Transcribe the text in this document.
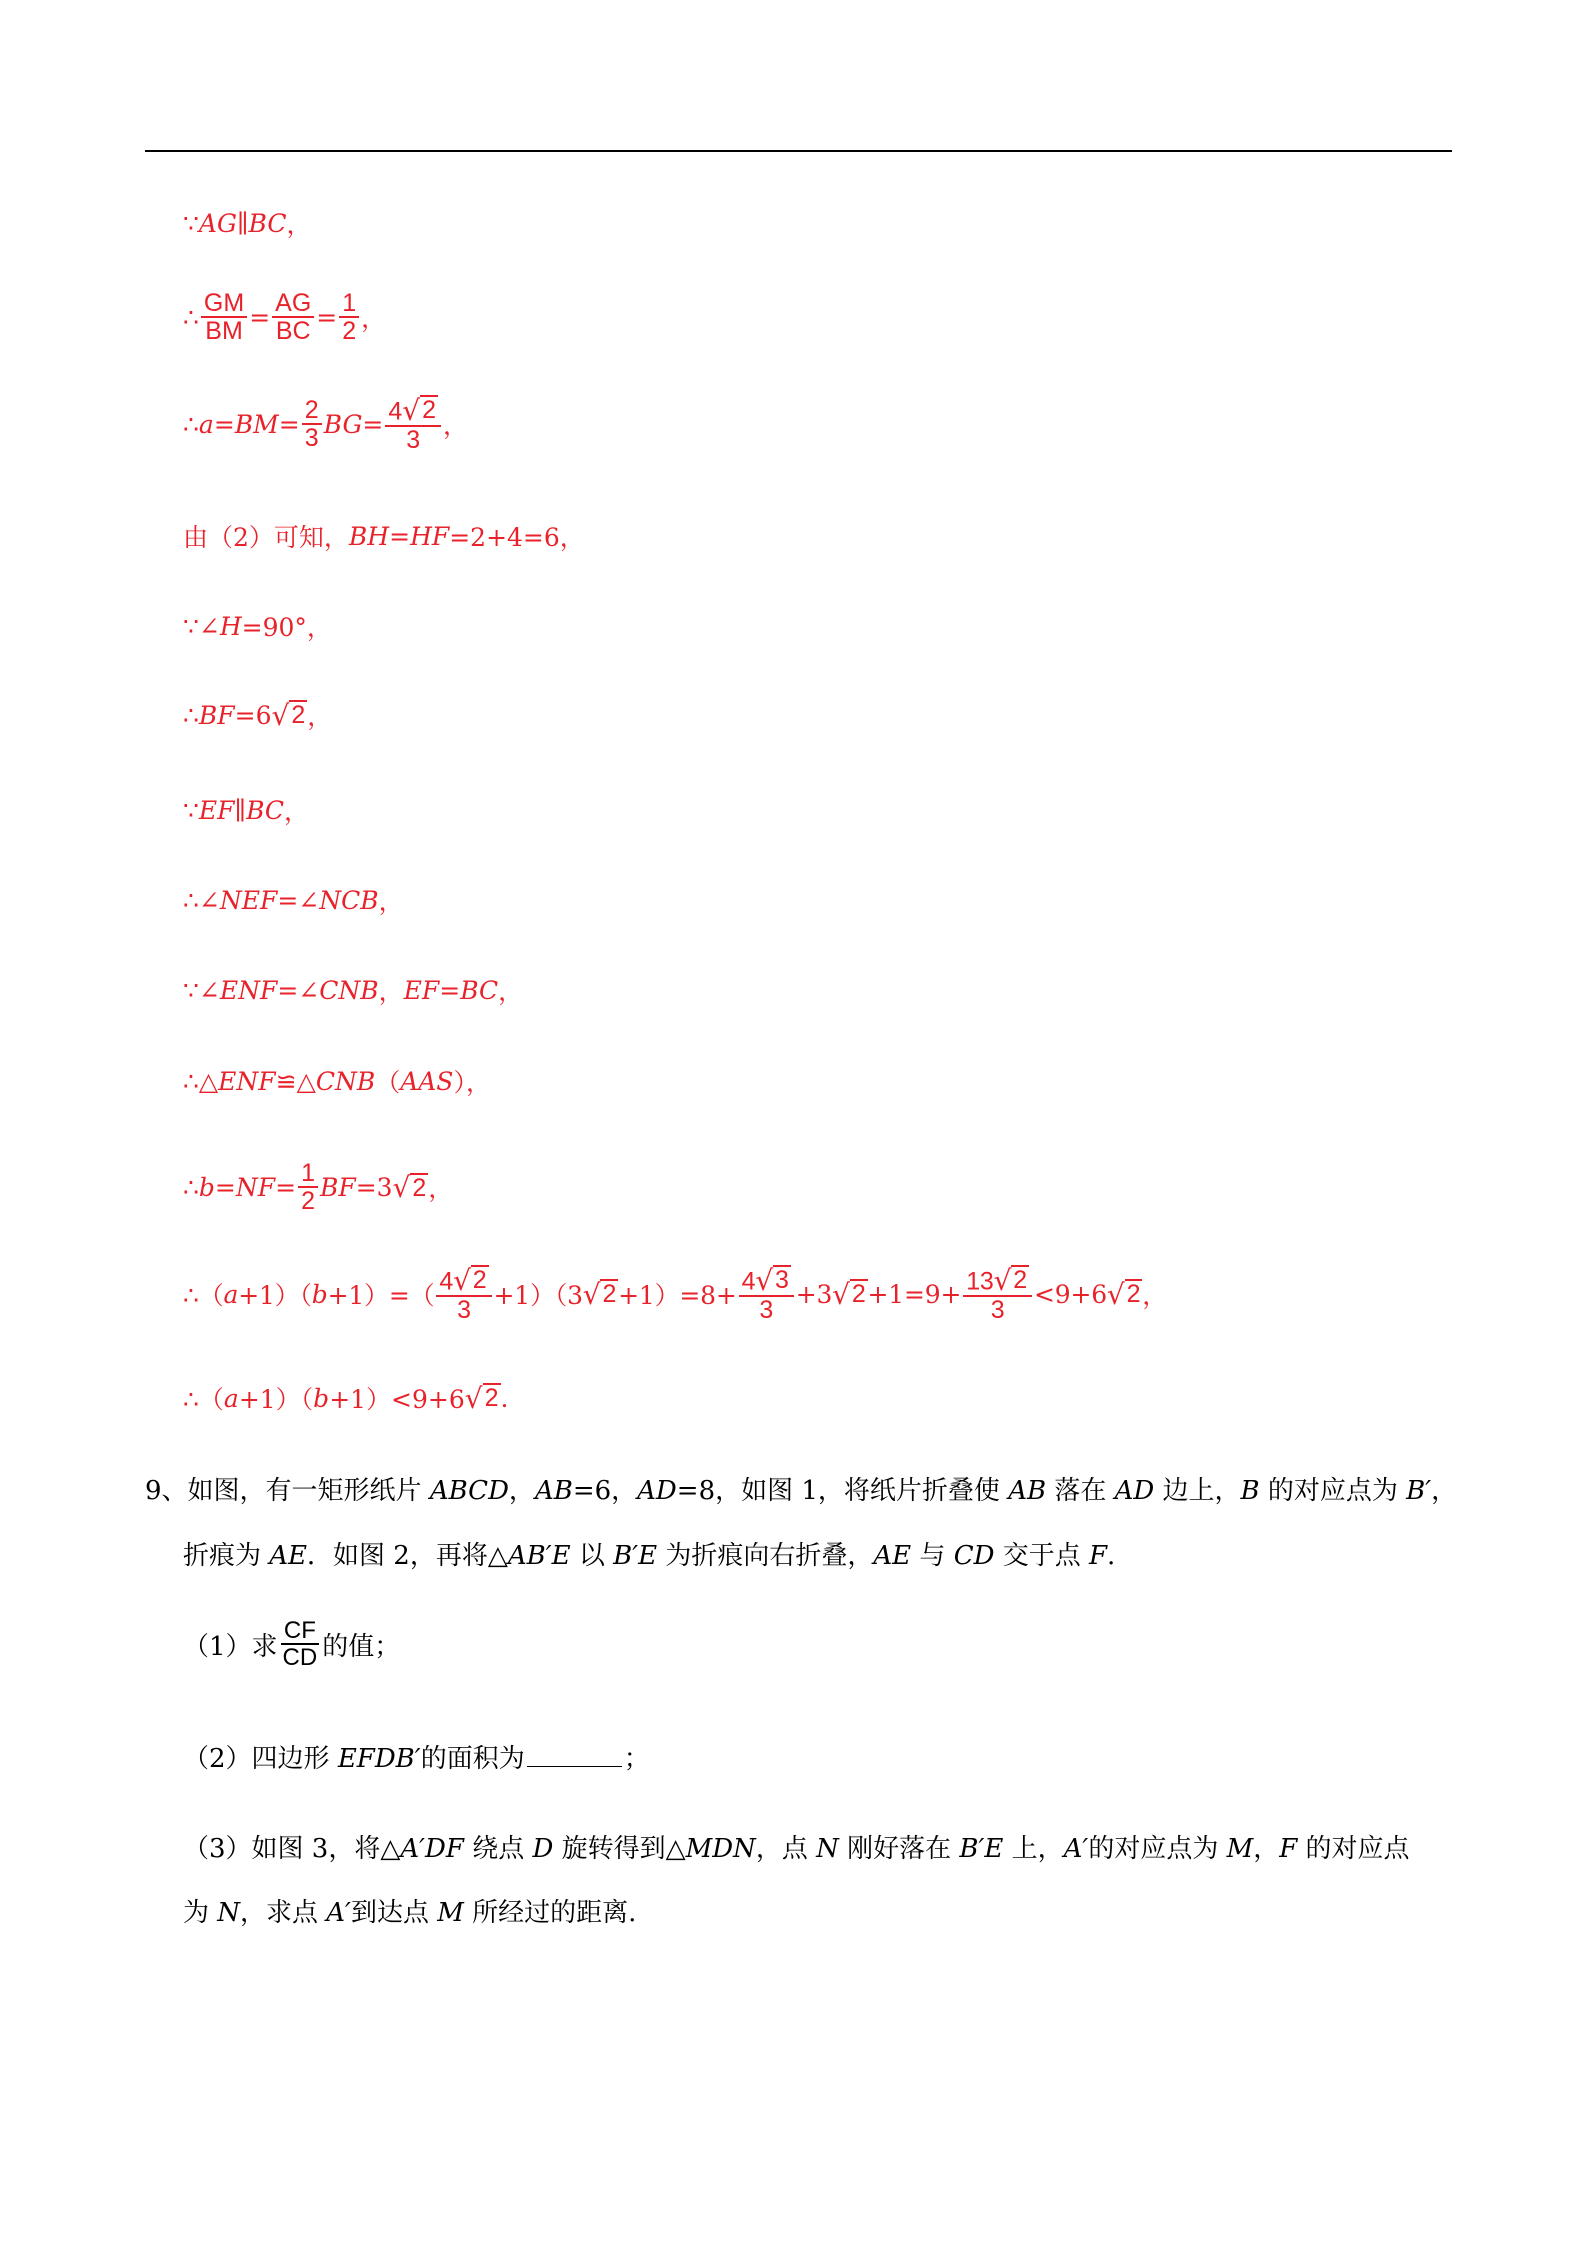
∵ AG ∥ BC ，
∴ $\frac{GM}{BM} = \frac{AG}{BC} = \frac{1}{2}$ ，
∴ a = BM = $\frac{2}{3}$ BG = $\frac{4 √ 2}{3}$ ，
由（2）可知， BH = HF =2+4=6，
∵ ∠ H =90°，
∴ BF =6 √ 2 ，
∵ EF ∥ BC ，
∴ ∠ NEF =∠ NCB ，
∵ ∠ ENF =∠ CNB ， EF = BC ，
∴△ ENF ≌△ CNB （ AAS ），
∴ b = NF = $\frac{1}{2}$ BF =3 √ 2 ，
∴（ a +1）（ $b +1)=( \frac{4 √ 2}{3} +1)(3$ √ $2 +1)=8+ \frac{4 √ 3}{3} +3$ √ $2 +1=9+ \frac{13 √ 2}{3} <9+6$ √ 2 ，
∴（ a +1）（ b +1）<9+6 √ 2 .
9、如图，有一矩形纸片 ABCD，AB=6，AD=8，如图 1，将纸片折叠使 AB 落在 AD 边上，B 的对应点为 B′，
折痕为 AE．如图 2，再将△AB′E 以 B′E 为折痕向右折叠，AE 与 CD 交于点 F.
（1）求 $\frac{CF}{CD}$ 的值；
（2）四边形 EFDB′的面积为	；
（3）如图 3，将△A′DF 绕点 D 旋转得到△MDN，点 N 刚好落在 B′E 上，A′的对应点为 M，F 的对应点
为 N，求点 A′到达点 M 所经过的距离.
